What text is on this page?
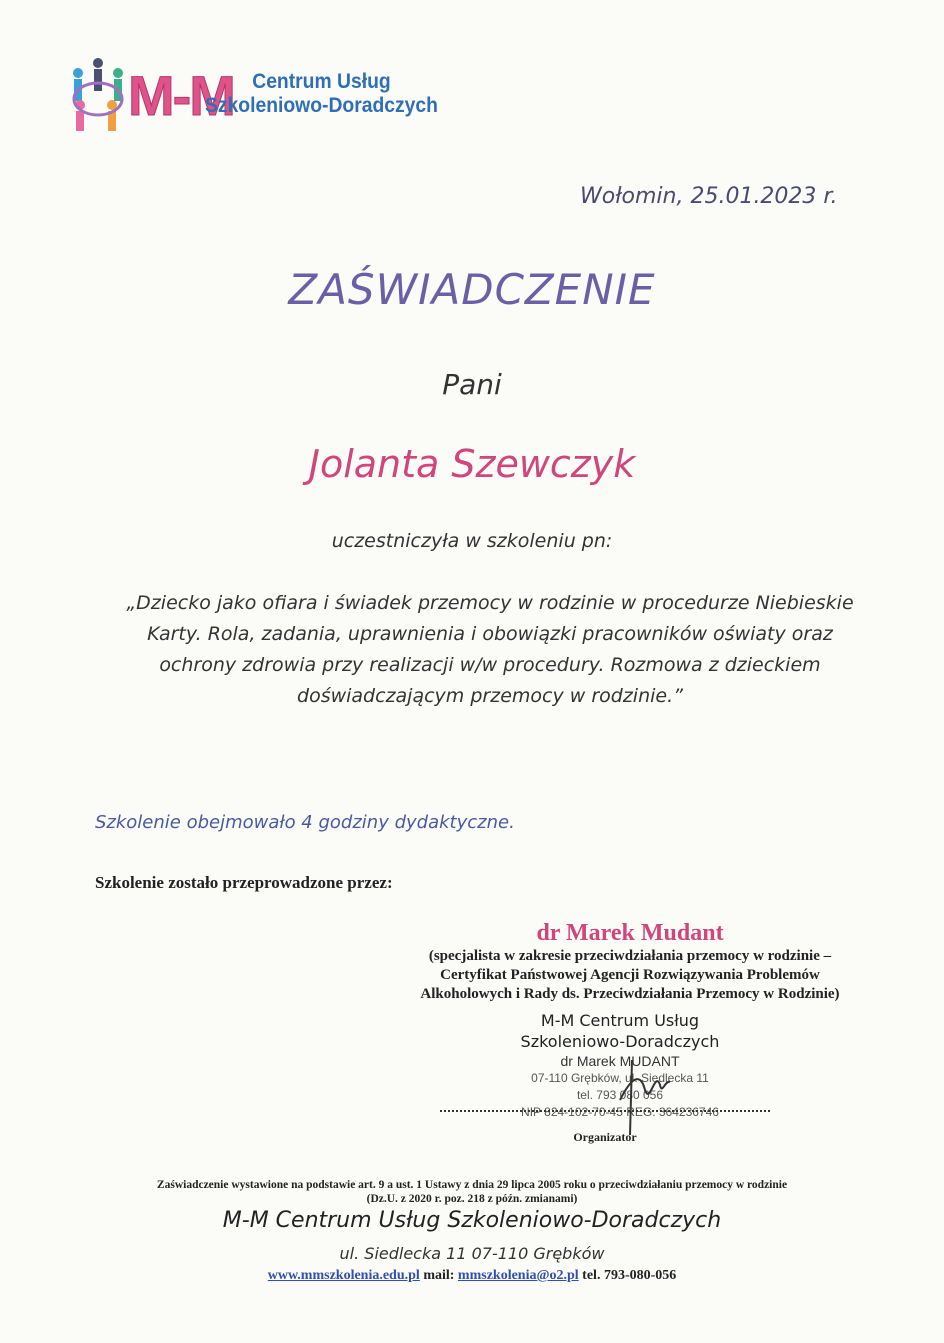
M-M Centrum Usług
Szkoleniowo-Doradczych
Wołomin, 25.01.2023 r.
ZAŚWIADCZENIE
Pani
Jolanta Szewczyk
uczestniczyła w szkoleniu pn:
„Dziecko jako ofiara i świadek przemocy w rodzinie w procedurze Niebieskie Karty. Rola, zadania, uprawnienia i obowiązki pracowników oświaty oraz ochrony zdrowia przy realizacji w/w procedury. Rozmowa z dzieckiem doświadczającym przemocy w rodzinie.”
Szkolenie obejmowało 4 godziny dydaktyczne.
Szkolenie zostało przeprowadzone przez:
dr Marek Mudant
(specjalista w zakresie przeciwdziałania przemocy w rodzinie –
Certyfikat Państwowej Agencji Rozwiązywania Problemów
Alkoholowych i Rady ds. Przeciwdziałania Przemocy w Rodzinie)
M-M Centrum Usług
Szkoleniowo-Doradczych
dr Marek MUDANT
07-110 Grębków, ul. Siedlecka 11
tel. 793 080 056
NIP 824-102-70-45 REG. 364236746
Organizator
Zaświadczenie wystawione na podstawie art. 9 a ust. 1 Ustawy z dnia 29 lipca 2005 roku o przeciwdziałaniu przemocy w rodzinie
(Dz.U. z 2020 r. poz. 218 z późn. zmianami)
M-M Centrum Usług Szkoleniowo-Doradczych
ul. Siedlecka 11 07-110 Grębków
www.mmszkolenia.edu.pl mail: mmszkolenia@o2.pl tel. 793-080-056
